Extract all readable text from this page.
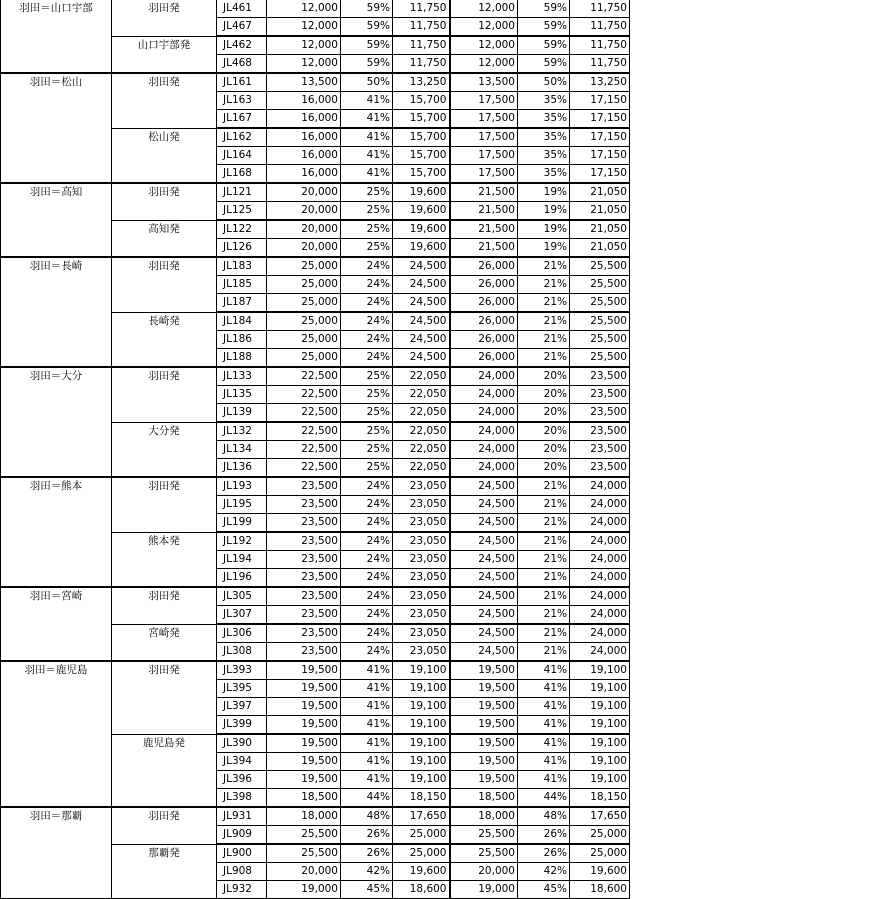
羽田＝山口宇部	羽田発	JL461	12,000	59%	11,750	12,000	59%	11,750	
		JL467	12,000	59%	11,750	12,000	59%	11,750	
	山口宇部発	JL462	12,000	59%	11,750	12,000	59%	11,750	
		JL468	12,000	59%	11,750	12,000	59%	11,750	
羽田＝松山	羽田発	JL161	13,500	50%	13,250	13,500	50%	13,250	
		JL163	16,000	41%	15,700	17,500	35%	17,150	
		JL167	16,000	41%	15,700	17,500	35%	17,150	
	松山発	JL162	16,000	41%	15,700	17,500	35%	17,150	
		JL164	16,000	41%	15,700	17,500	35%	17,150	
		JL168	16,000	41%	15,700	17,500	35%	17,150	
羽田＝高知	羽田発	JL121	20,000	25%	19,600	21,500	19%	21,050	
		JL125	20,000	25%	19,600	21,500	19%	21,050	
	高知発	JL122	20,000	25%	19,600	21,500	19%	21,050	
		JL126	20,000	25%	19,600	21,500	19%	21,050	
羽田＝長崎	羽田発	JL183	25,000	24%	24,500	26,000	21%	25,500	
		JL185	25,000	24%	24,500	26,000	21%	25,500	
		JL187	25,000	24%	24,500	26,000	21%	25,500	
	長崎発	JL184	25,000	24%	24,500	26,000	21%	25,500	
		JL186	25,000	24%	24,500	26,000	21%	25,500	
		JL188	25,000	24%	24,500	26,000	21%	25,500	
羽田＝大分	羽田発	JL133	22,500	25%	22,050	24,000	20%	23,500	
		JL135	22,500	25%	22,050	24,000	20%	23,500	
		JL139	22,500	25%	22,050	24,000	20%	23,500	
	大分発	JL132	22,500	25%	22,050	24,000	20%	23,500	
		JL134	22,500	25%	22,050	24,000	20%	23,500	
		JL136	22,500	25%	22,050	24,000	20%	23,500	
羽田＝熊本	羽田発	JL193	23,500	24%	23,050	24,500	21%	24,000	
		JL195	23,500	24%	23,050	24,500	21%	24,000	
		JL199	23,500	24%	23,050	24,500	21%	24,000	
	熊本発	JL192	23,500	24%	23,050	24,500	21%	24,000	
		JL194	23,500	24%	23,050	24,500	21%	24,000	
		JL196	23,500	24%	23,050	24,500	21%	24,000	
羽田＝宮崎	羽田発	JL305	23,500	24%	23,050	24,500	21%	24,000	
		JL307	23,500	24%	23,050	24,500	21%	24,000	
	宮崎発	JL306	23,500	24%	23,050	24,500	21%	24,000	
		JL308	23,500	24%	23,050	24,500	21%	24,000	
羽田＝鹿児島	羽田発	JL393	19,500	41%	19,100	19,500	41%	19,100	
		JL395	19,500	41%	19,100	19,500	41%	19,100	
		JL397	19,500	41%	19,100	19,500	41%	19,100	
		JL399	19,500	41%	19,100	19,500	41%	19,100	
	鹿児島発	JL390	19,500	41%	19,100	19,500	41%	19,100	
		JL394	19,500	41%	19,100	19,500	41%	19,100	
		JL396	19,500	41%	19,100	19,500	41%	19,100	
		JL398	18,500	44%	18,150	18,500	44%	18,150	
羽田＝那覇	羽田発	JL931	18,000	48%	17,650	18,000	48%	17,650	
		JL909	25,500	26%	25,000	25,500	26%	25,000	
	那覇発	JL900	25,500	26%	25,000	25,500	26%	25,000	
		JL908	20,000	42%	19,600	20,000	42%	19,600	
		JL932	19,000	45%	18,600	19,000	45%	18,600	
